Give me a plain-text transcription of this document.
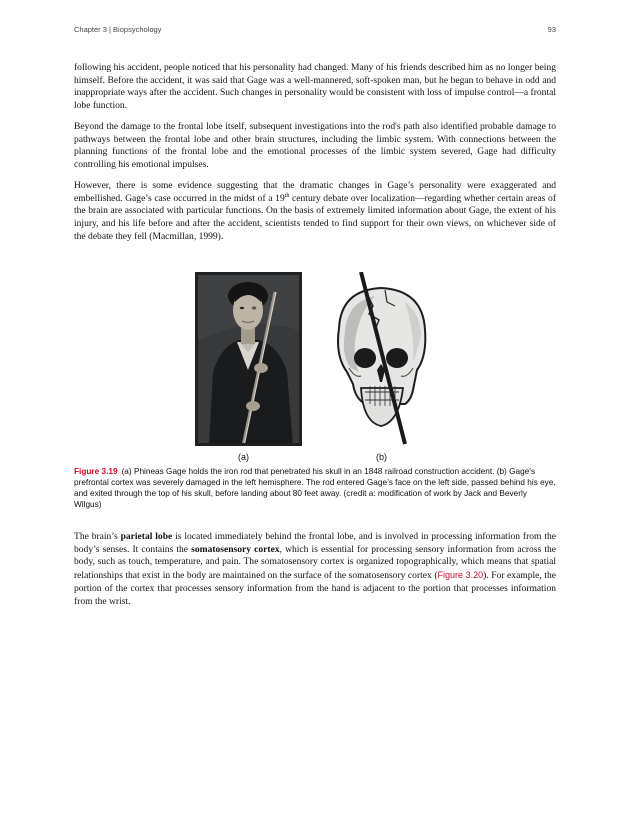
Chapter 3 | Biopsychology	93

following his accident, people noticed that his personality had changed. Many of his friends described him as no longer being himself. Before the accident, it was said that Gage was a well-mannered, soft-spoken man, but he began to behave in odd and inappropriate ways after the accident. Such changes in personality would be consistent with loss of impulse control—a frontal lobe function.

Beyond the damage to the frontal lobe itself, subsequent investigations into the rod's path also identified probable damage to pathways between the frontal lobe and other brain structures, including the limbic system. With connections between the planning functions of the frontal lobe and the emotional processes of the limbic system severed, Gage had difficulty controlling his emotional impulses.

However, there is some evidence suggesting that the dramatic changes in Gage’s personality were exaggerated and embellished. Gage’s case occurred in the midst of a 19th century debate over localization—regarding whether certain areas of the brain are associated with particular functions. On the basis of extremely limited information about Gage, the extent of his injury, and his life before and after the accident, scientists tended to find support for their own views, on whichever side of the debate they fell (Macmillan, 1999).

(a)	(b)

Figure 3.19 (a) Phineas Gage holds the iron rod that penetrated his skull in an 1848 railroad construction accident. (b) Gage’s prefrontal cortex was severely damaged in the left hemisphere. The rod entered Gage’s face on the left side, passed behind his eye, and exited through the top of his skull, before landing about 80 feet away. (credit a: modification of work by Jack and Beverly Wilgus)

The brain’s parietal lobe is located immediately behind the frontal lobe, and is involved in processing information from the body’s senses. It contains the somatosensory cortex, which is essential for processing sensory information from across the body, such as touch, temperature, and pain. The somatosensory cortex is organized topographically, which means that spatial relationships that exist in the body are maintained on the surface of the somatosensory cortex (Figure 3.20). For example, the portion of the cortex that processes sensory information from the hand is adjacent to the portion that processes information from the wrist.
